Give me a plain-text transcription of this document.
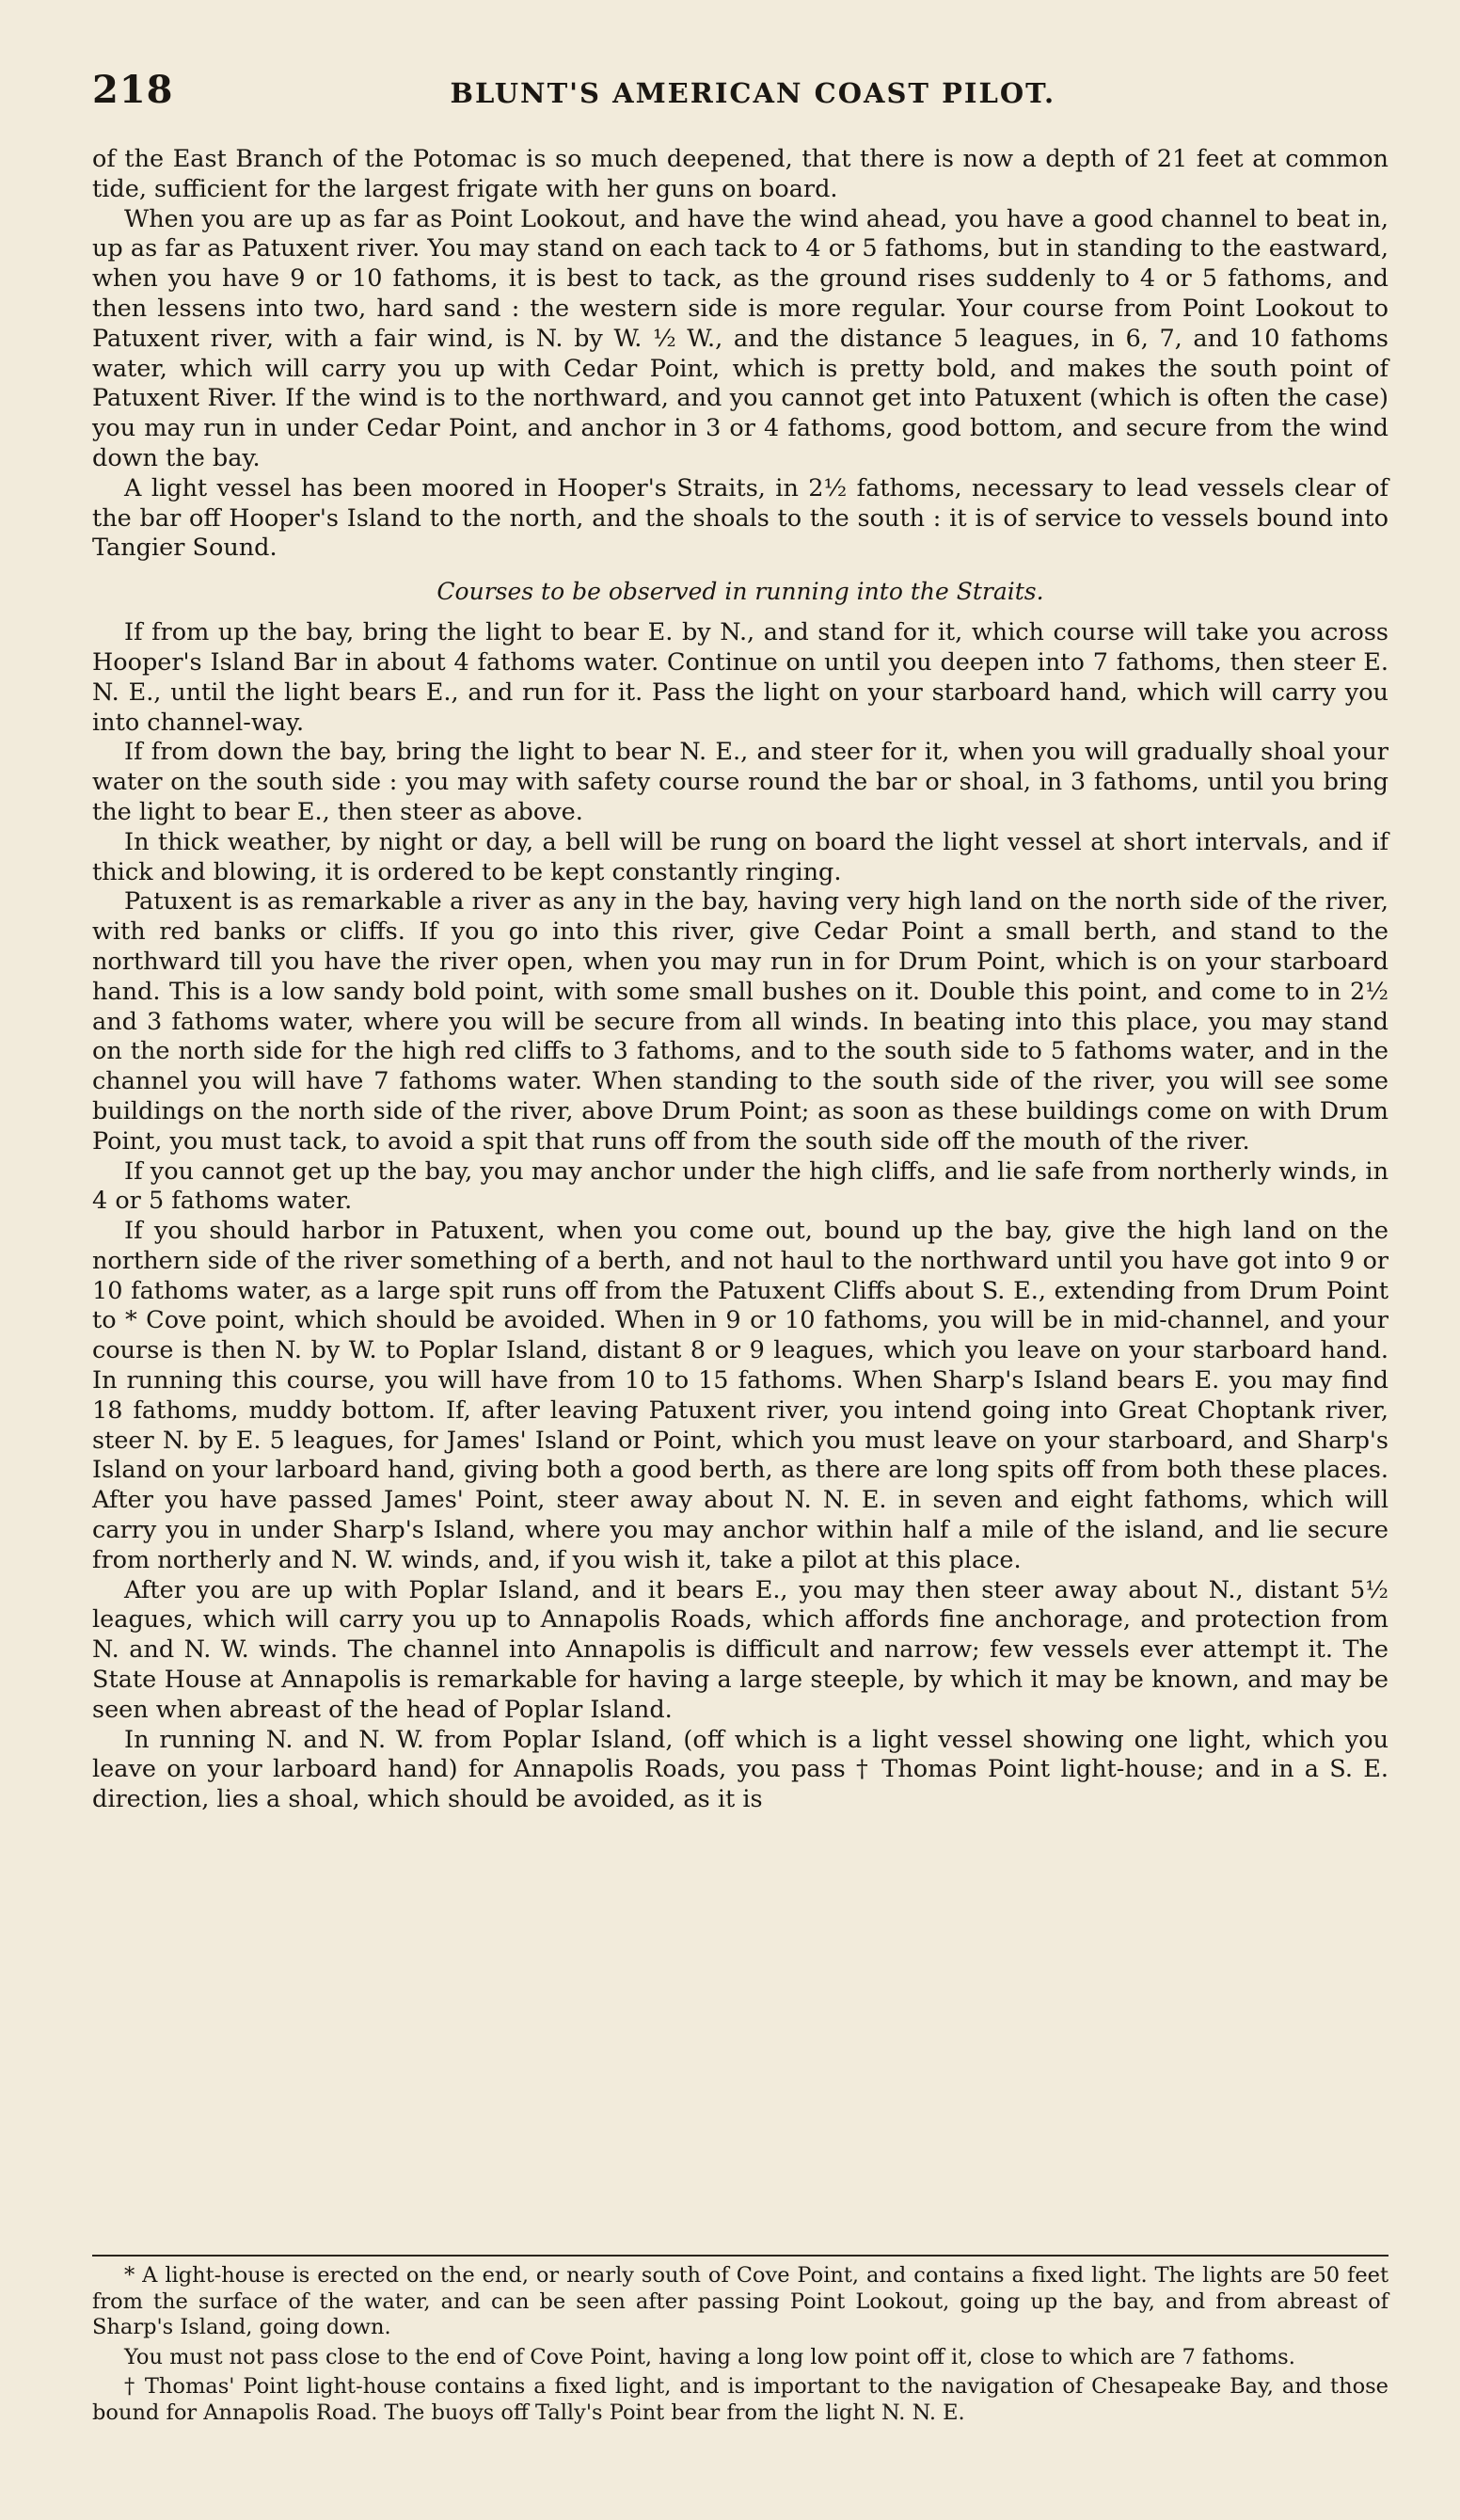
218	BLUNT'S AMERICAN COAST PILOT.

of the East Branch of the Potomac is so much deepened, that there is now a depth of 21 feet at common tide, sufficient for the largest frigate with her guns on board.

When you are up as far as Point Lookout, and have the wind ahead, you have a good channel to beat in, up as far as Patuxent river. You may stand on each tack to 4 or 5 fathoms, but in standing to the eastward, when you have 9 or 10 fathoms, it is best to tack, as the ground rises suddenly to 4 or 5 fathoms, and then lessens into two, hard sand : the western side is more regular. Your course from Point Lookout to Patuxent river, with a fair wind, is N. by W. ½ W., and the distance 5 leagues, in 6, 7, and 10 fathoms water, which will carry you up with Cedar Point, which is pretty bold, and makes the south point of Patuxent River. If the wind is to the northward, and you cannot get into Patuxent (which is often the case) you may run in under Cedar Point, and anchor in 3 or 4 fathoms, good bottom, and secure from the wind down the bay.

A light vessel has been moored in Hooper's Straits, in 2½ fathoms, necessary to lead vessels clear of the bar off Hooper's Island to the north, and the shoals to the south : it is of service to vessels bound into Tangier Sound.

Courses to be observed in running into the Straits.

If from up the bay, bring the light to bear E. by N., and stand for it, which course will take you across Hooper's Island Bar in about 4 fathoms water. Continue on until you deepen into 7 fathoms, then steer E. N. E., until the light bears E., and run for it. Pass the light on your starboard hand, which will carry you into channel-way.

If from down the bay, bring the light to bear N. E., and steer for it, when you will gradually shoal your water on the south side : you may with safety course round the bar or shoal, in 3 fathoms, until you bring the light to bear E., then steer as above.

In thick weather, by night or day, a bell will be rung on board the light vessel at short intervals, and if thick and blowing, it is ordered to be kept constantly ringing.

Patuxent is as remarkable a river as any in the bay, having very high land on the north side of the river, with red banks or cliffs. If you go into this river, give Cedar Point a small berth, and stand to the northward till you have the river open, when you may run in for Drum Point, which is on your starboard hand. This is a low sandy bold point, with some small bushes on it. Double this point, and come to in 2½ and 3 fathoms water, where you will be secure from all winds. In beating into this place, you may stand on the north side for the high red cliffs to 3 fathoms, and to the south side to 5 fathoms water, and in the channel you will have 7 fathoms water. When standing to the south side of the river, you will see some buildings on the north side of the river, above Drum Point; as soon as these buildings come on with Drum Point, you must tack, to avoid a spit that runs off from the south side off the mouth of the river.

If you cannot get up the bay, you may anchor under the high cliffs, and lie safe from northerly winds, in 4 or 5 fathoms water.

If you should harbor in Patuxent, when you come out, bound up the bay, give the high land on the northern side of the river something of a berth, and not haul to the northward until you have got into 9 or 10 fathoms water, as a large spit runs off from the Patuxent Cliffs about S. E., extending from Drum Point to * Cove point, which should be avoided. When in 9 or 10 fathoms, you will be in mid-channel, and your course is then N. by W. to Poplar Island, distant 8 or 9 leagues, which you leave on your starboard hand. In running this course, you will have from 10 to 15 fathoms. When Sharp's Island bears E. you may find 18 fathoms, muddy bottom. If, after leaving Patuxent river, you intend going into Great Choptank river, steer N. by E. 5 leagues, for James' Island or Point, which you must leave on your starboard, and Sharp's Island on your larboard hand, giving both a good berth, as there are long spits off from both these places. After you have passed James' Point, steer away about N. N. E. in seven and eight fathoms, which will carry you in under Sharp's Island, where you may anchor within half a mile of the island, and lie secure from northerly and N. W. winds, and, if you wish it, take a pilot at this place.

After you are up with Poplar Island, and it bears E., you may then steer away about N., distant 5½ leagues, which will carry you up to Annapolis Roads, which affords fine anchorage, and protection from N. and N. W. winds. The channel into Annapolis is difficult and narrow; few vessels ever attempt it. The State House at Annapolis is remarkable for having a large steeple, by which it may be known, and may be seen when abreast of the head of Poplar Island.

In running N. and N. W. from Poplar Island, (off which is a light vessel showing one light, which you leave on your larboard hand) for Annapolis Roads, you pass † Thomas Point light-house; and in a S. E. direction, lies a shoal, which should be avoided, as it is

* A light-house is erected on the end, or nearly south of Cove Point, and contains a fixed light. The lights are 50 feet from the surface of the water, and can be seen after passing Point Lookout, going up the bay, and from abreast of Sharp's Island, going down.

You must not pass close to the end of Cove Point, having a long low point off it, close to which are 7 fathoms.

† Thomas' Point light-house contains a fixed light, and is important to the navigation of Chesapeake Bay, and those bound for Annapolis Road. The buoys off Tally's Point bear from the light N. N. E.
